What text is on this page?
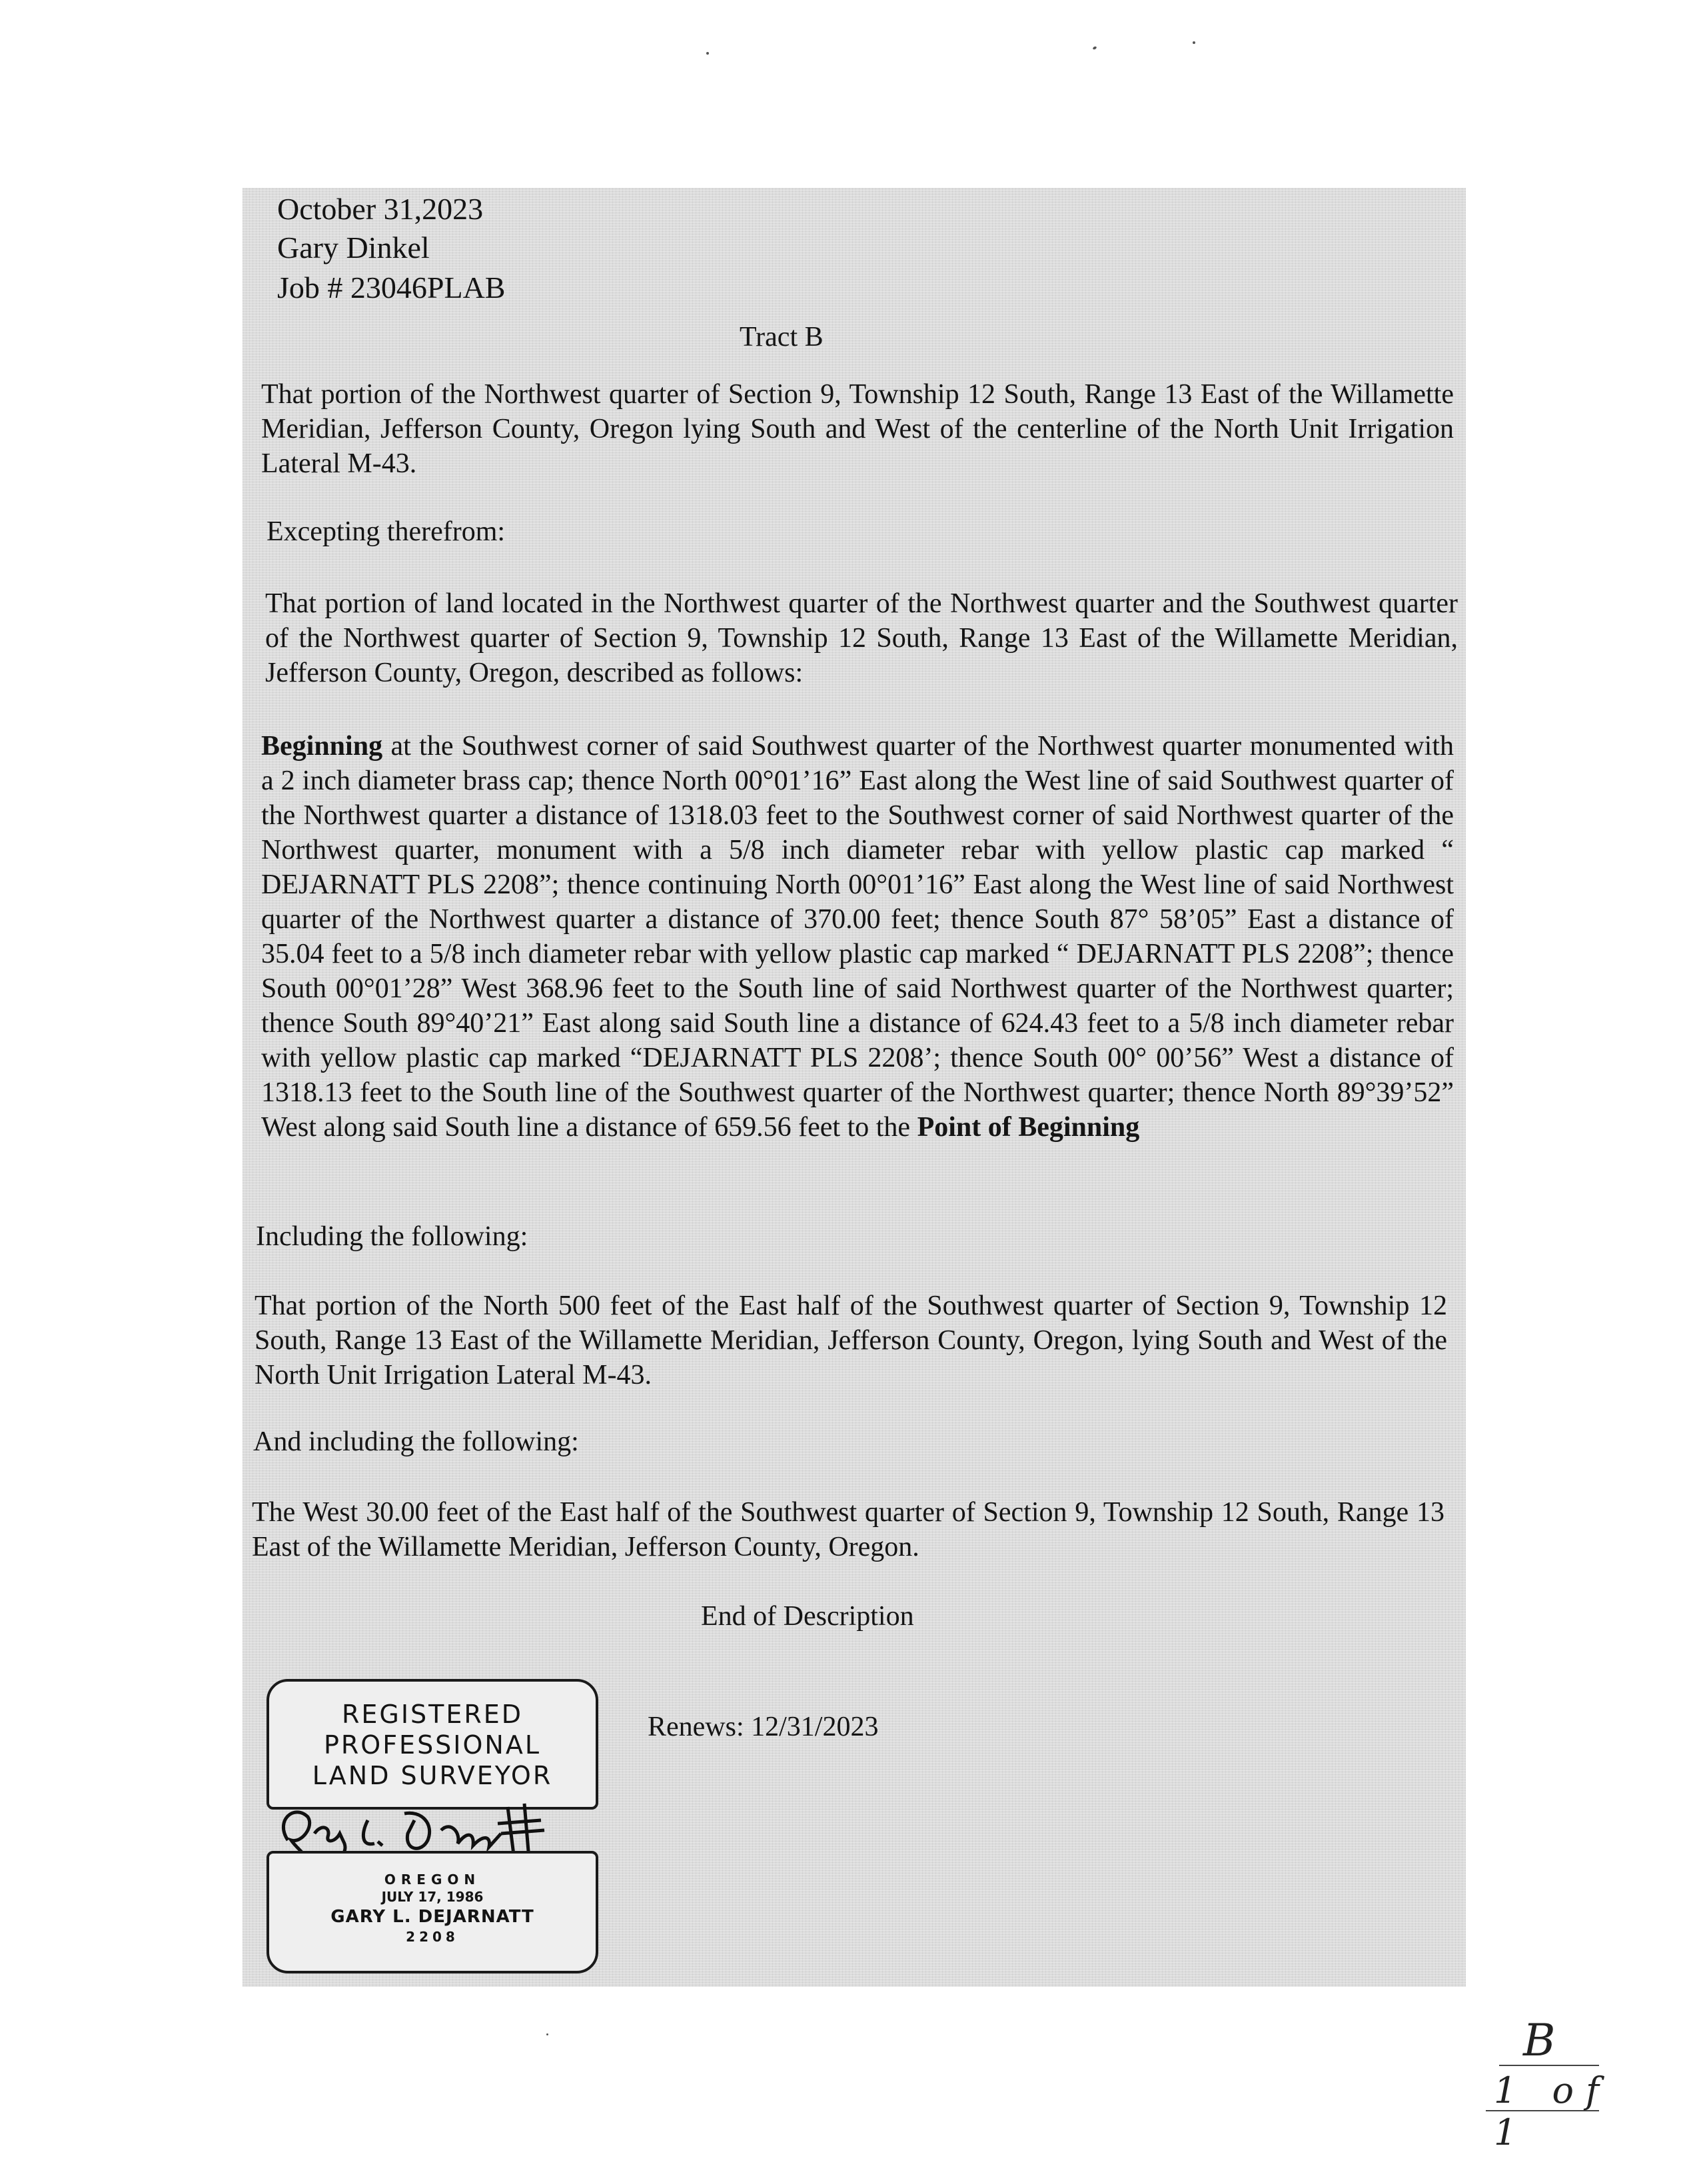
October 31,2023
Gary Dinkel
Job # 23046PLAB
Tract B
That portion of the Northwest quarter of Section 9, Township 12 South, Range 13 East of the Willamette Meridian, Jefferson County, Oregon lying South and West of the centerline of the North Unit Irrigation Lateral M-43.
Excepting therefrom:
That portion of land located in the Northwest quarter of the Northwest quarter and the Southwest quarter of the Northwest quarter of Section 9, Township 12 South, Range 13 East of the Willamette Meridian, Jefferson County, Oregon, described as follows:
Beginning at the Southwest corner of said Southwest quarter of the Northwest quarter monumented with a 2 inch diameter brass cap; thence North 00°01’16” East along the West line of said Southwest quarter of the Northwest quarter a distance of 1318.03 feet to the Southwest corner of said Northwest quarter of the Northwest quarter, monument with a 5/8 inch diameter rebar with yellow plastic cap marked “ DEJARNATT PLS 2208”; thence continuing North 00°01’16” East along the West line of said Northwest quarter of the Northwest quarter a distance of 370.00 feet; thence South 87° 58’05” East a distance of 35.04 feet to a 5/8 inch diameter rebar with yellow plastic cap marked “ DEJARNATT PLS 2208”; thence South 00°01’28” West 368.96 feet to the South line of said Northwest quarter of the Northwest quarter; thence South 89°40’21” East along said South line a distance of 624.43 feet to a 5/8 inch diameter rebar with yellow plastic cap marked “DEJARNATT PLS 2208’; thence South 00° 00’56” West a distance of 1318.13 feet to the South line of the Southwest quarter of the Northwest quarter; thence North 89°39’52” West along said South line a distance of 659.56 feet to the Point of Beginning
Including the following:
That portion of the North 500 feet of the East half of the Southwest quarter of Section 9, Township 12 South, Range 13 East of the Willamette Meridian, Jefferson County, Oregon, lying South and West of the North Unit Irrigation Lateral M-43.
And including the following:
The West 30.00 feet of the East half of the Southwest quarter of Section 9, Township 12 South, Range 13 East of the Willamette Meridian, Jefferson County, Oregon.
End of Description
Renews: 12/31/2023
REGISTERED
PROFESSIONAL
LAND SURVEYOR
OREGON
JULY 17, 1986
GARY L. DEJARNATT
2208
B
1 of 1
